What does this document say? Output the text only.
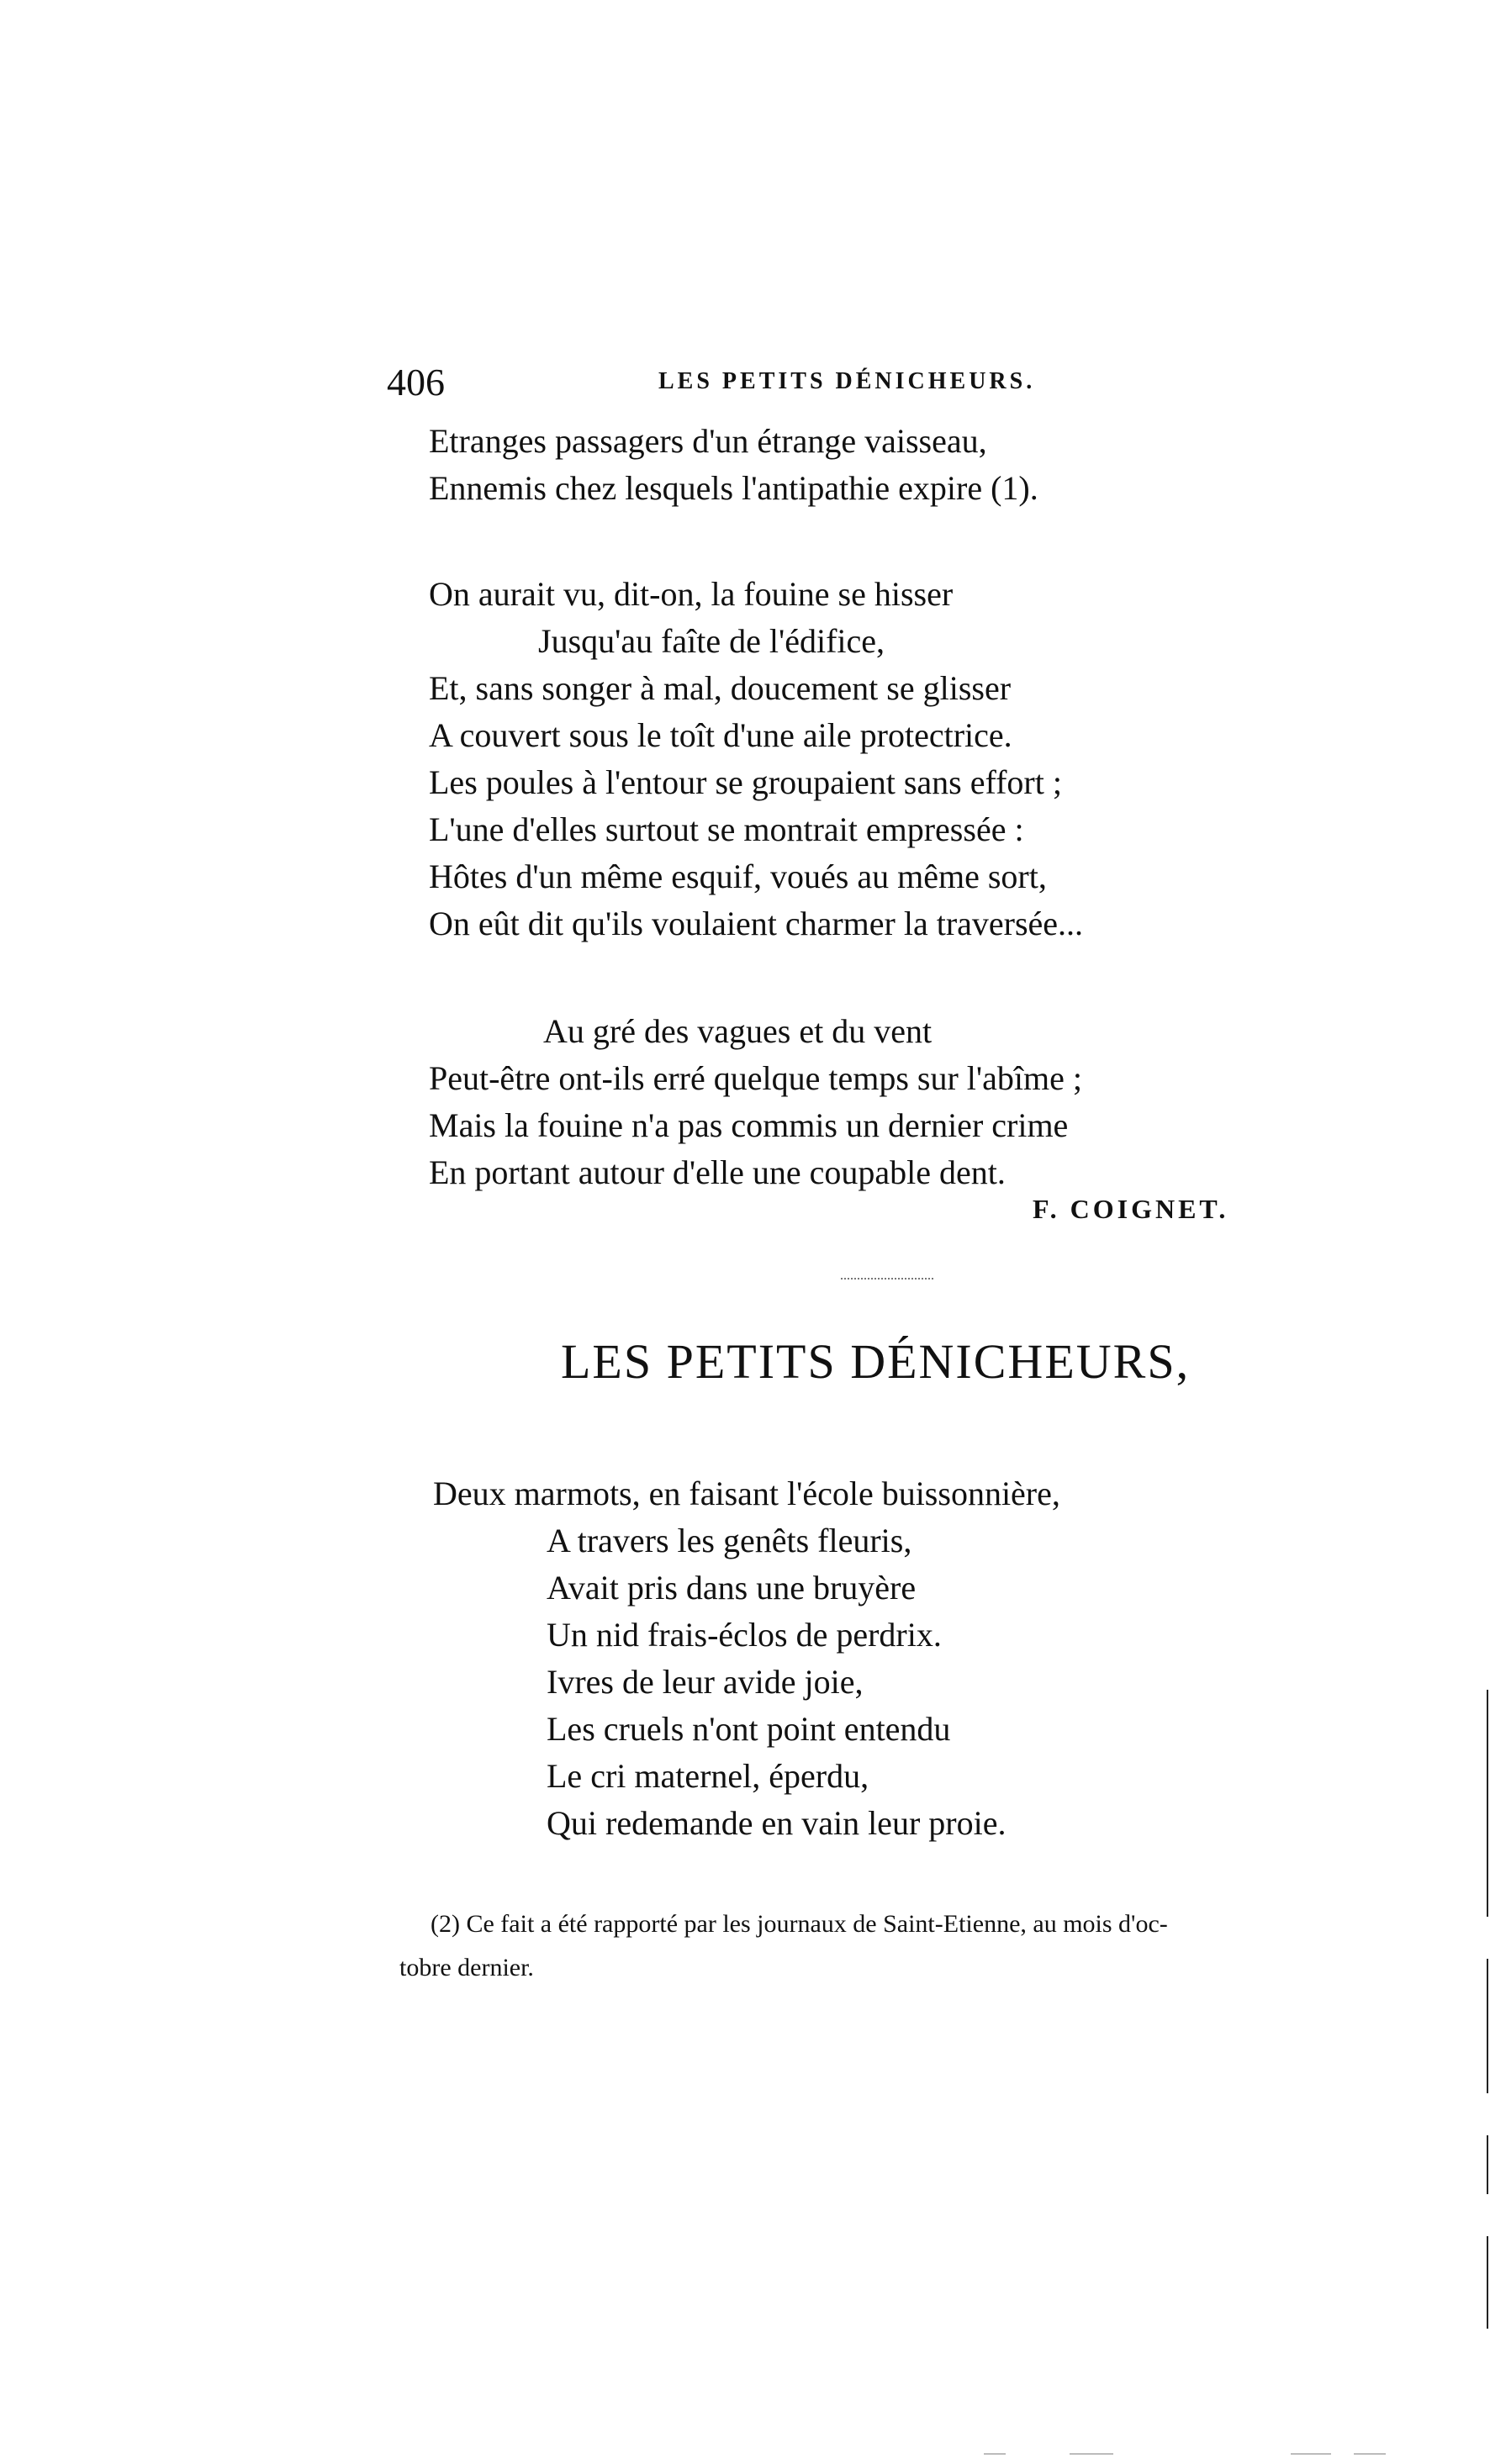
406	LES PETITS DÉNICHEURS.
Etranges passagers d'un étrange vaisseau,
Ennemis chez lesquels l'antipathie expire (1).
On aurait vu, dit-on, la fouine se hisser
Jusqu'au faîte de l'édifice,
Et, sans songer à mal, doucement se glisser
A couvert sous le toît d'une aile protectrice.
Les poules à l'entour se groupaient sans effort ;
L'une d'elles surtout se montrait empressée :
Hôtes d'un même esquif, voués au même sort,
On eût dit qu'ils voulaient charmer la traversée...
Au gré des vagues et du vent
Peut-être ont-ils erré quelque temps sur l'abîme ;
Mais la fouine n'a pas commis un dernier crime
En portant autour d'elle une coupable dent.
F. COIGNET.
LES PETITS DÉNICHEURS,
Deux marmots, en faisant l'école buissonnière,
A travers les genêts fleuris,
Avait pris dans une bruyère
Un nid frais-éclos de perdrix.
Ivres de leur avide joie,
Les cruels n'ont point entendu
Le cri maternel, éperdu,
Qui redemande en vain leur proie.
(2) Ce fait a été rapporté par les journaux de Saint-Etienne, au mois d'oc-
tobre dernier.
